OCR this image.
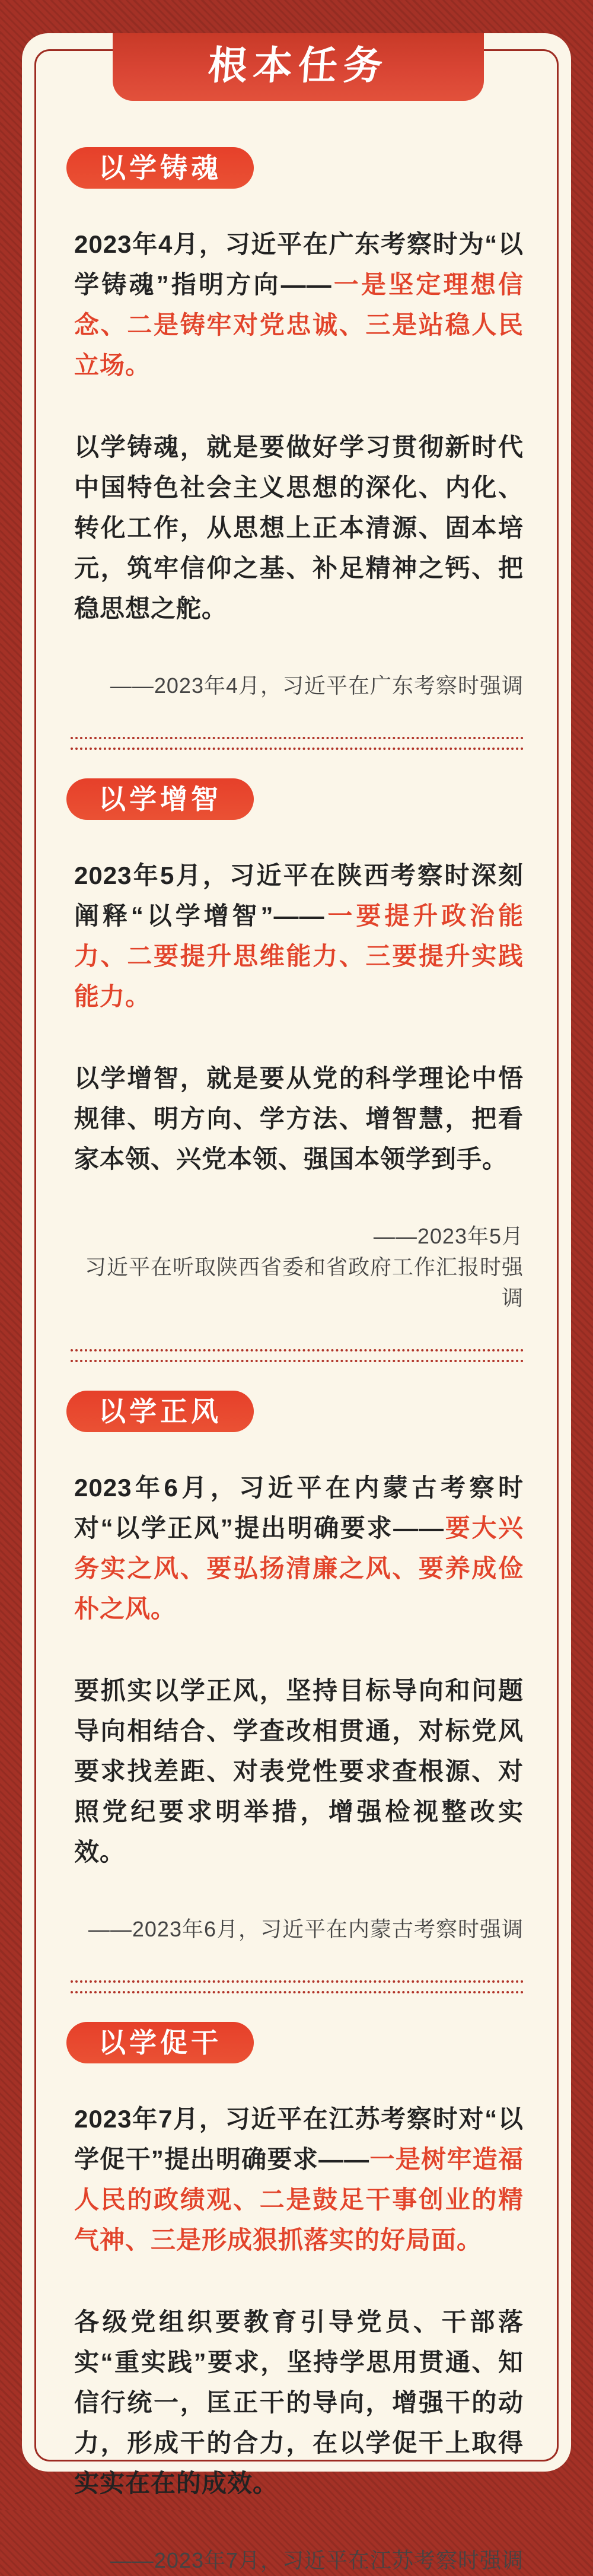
根本任务
以学铸魂

2023年4月，习近平在广东考察时为“以学铸魂”指明方向——一是坚定理想信念、二是铸牢对党忠诚、三是站稳人民立场。

以学铸魂，就是要做好学习贯彻新时代中国特色社会主义思想的深化、内化、转化工作，从思想上正本清源、固本培元，筑牢信仰之基、补足精神之钙、把稳思想之舵。

——2023年4月，习近平在广东考察时强调
以学增智

2023年5月，习近平在陕西考察时深刻阐释“以学增智”——一要提升政治能力、二要提升思维能力、三要提升实践能力。

以学增智，就是要从党的科学理论中悟规律、明方向、学方法、增智慧，把看家本领、兴党本领、强国本领学到手。

——2023年5月
习近平在听取陕西省委和省政府工作汇报时强调
以学正风

2023年6月，习近平在内蒙古考察时对“以学正风”提出明确要求——要大兴务实之风、要弘扬清廉之风、要养成俭朴之风。

要抓实以学正风，坚持目标导向和问题导向相结合、学查改相贯通，对标党风要求找差距、对表党性要求查根源、对照党纪要求明举措，增强检视整改实效。

——2023年6月，习近平在内蒙古考察时强调
以学促干

2023年7月，习近平在江苏考察时对“以学促干”提出明确要求——一是树牢造福人民的政绩观、二是鼓足干事创业的精气神、三是形成狠抓落实的好局面。

各级党组织要教育引导党员、干部落实“重实践”要求，坚持学思用贯通、知信行统一，匡正干的导向，增强干的动力，形成干的合力，在以学促干上取得实实在在的成效。

——2023年7月，习近平在江苏考察时强调
